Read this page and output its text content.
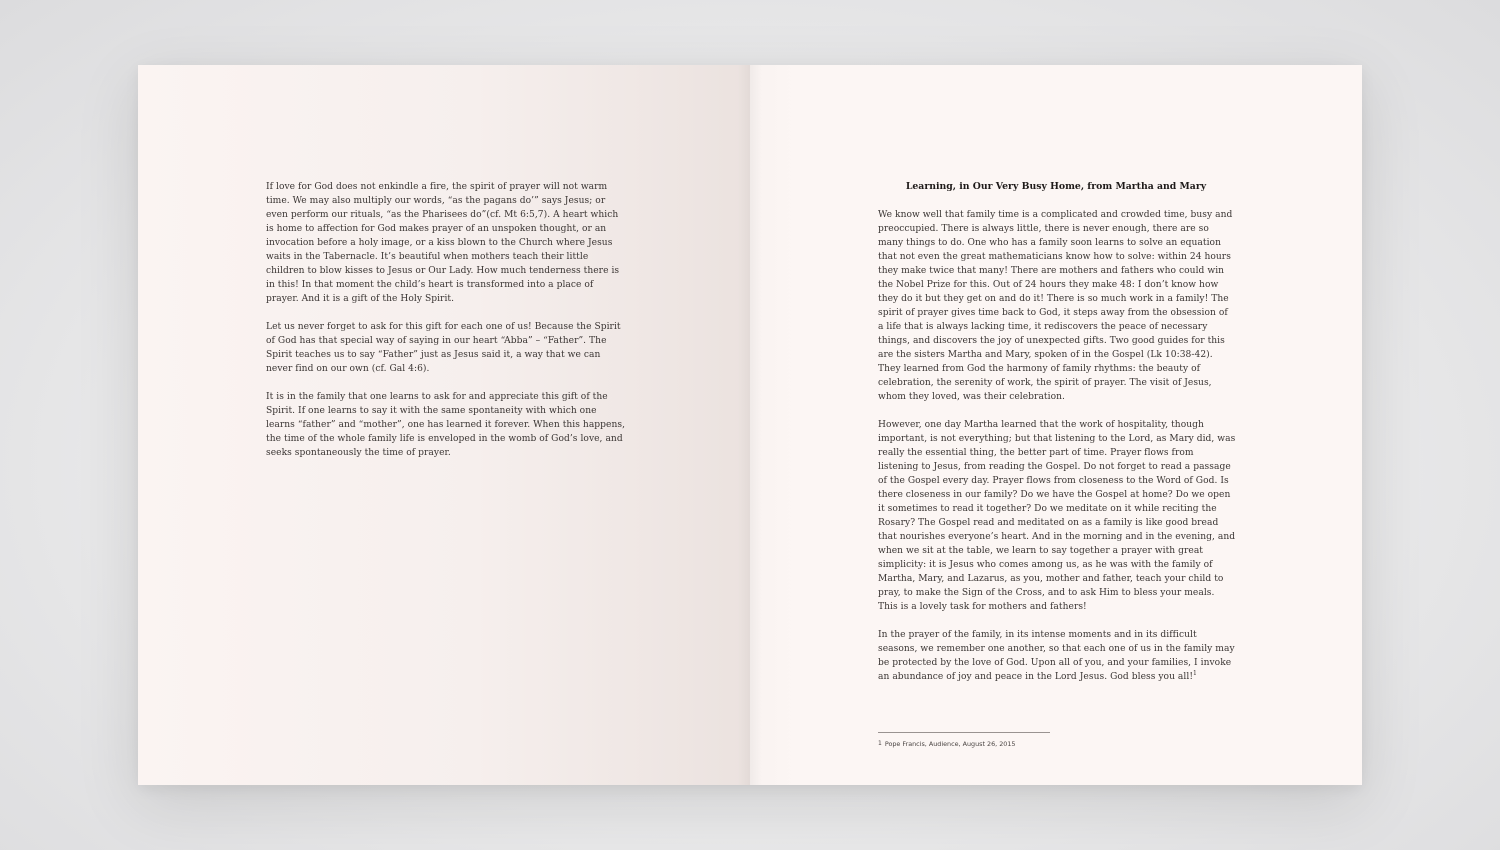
If love for God does not enkindle a fire, the spirit of prayer will not warm time. We may also multiply our words, “as the pagans do’” says Jesus; or even perform our rituals, “as the Pharisees do”(cf. Mt 6:5,7). A heart which is home to affection for God makes prayer of an unspoken thought, or an invocation before a holy image, or a kiss blown to the Church where Jesus waits in the Tabernacle. It’s beautiful when mothers teach their little children to blow kisses to Jesus or Our Lady. How much tenderness there is in this! In that moment the child’s heart is transformed into a place of prayer. And it is a gift of the Holy Spirit.

Let us never forget to ask for this gift for each one of us! Because the Spirit of God has that special way of saying in our heart “Abba” – “Father”. The Spirit teaches us to say “Father” just as Jesus said it, a way that we can never find on our own (cf. Gal 4:6).

It is in the family that one learns to ask for and appreciate this gift of the Spirit. If one learns to say it with the same spontaneity with which one learns “father” and “mother”, one has learned it forever. When this happens, the time of the whole family life is enveloped in the womb of God’s love, and seeks spontaneously the time of prayer.

Learning, in Our Very Busy Home, from Martha and Mary

We know well that family time is a complicated and crowded time, busy and preoccupied. There is always little, there is never enough, there are so many things to do. One who has a family soon learns to solve an equation that not even the great mathematicians know how to solve: within 24 hours they make twice that many! There are mothers and fathers who could win the Nobel Prize for this. Out of 24 hours they make 48: I don’t know how they do it but they get on and do it! There is so much work in a family! The spirit of prayer gives time back to God, it steps away from the obsession of a life that is always lacking time, it rediscovers the peace of necessary things, and discovers the joy of unexpected gifts. Two good guides for this are the sisters Martha and Mary, spoken of in the Gospel (Lk 10:38-42). They learned from God the harmony of family rhythms: the beauty of celebration, the serenity of work, the spirit of prayer. The visit of Jesus, whom they loved, was their celebration.

However, one day Martha learned that the work of hospitality, though important, is not everything; but that listening to the Lord, as Mary did, was really the essential thing, the better part of time. Prayer flows from listening to Jesus, from reading the Gospel. Do not forget to read a passage of the Gospel every day. Prayer flows from closeness to the Word of God. Is there closeness in our family? Do we have the Gospel at home? Do we open it sometimes to read it together? Do we meditate on it while reciting the Rosary? The Gospel read and meditated on as a family is like good bread that nourishes everyone’s heart. And in the morning and in the evening, and when we sit at the table, we learn to say together a prayer with great simplicity: it is Jesus who comes among us, as he was with the family of Martha, Mary, and Lazarus, as you, mother and father, teach your child to pray, to make the Sign of the Cross, and to ask Him to bless your meals. This is a lovely task for mothers and fathers!

In the prayer of the family, in its intense moments and in its difficult seasons, we remember one another, so that each one of us in the family may be protected by the love of God. Upon all of you, and your families, I invoke an abundance of joy and peace in the Lord Jesus. God bless you all!$^1$

1 Pope Francis, Audience, August 26, 2015
